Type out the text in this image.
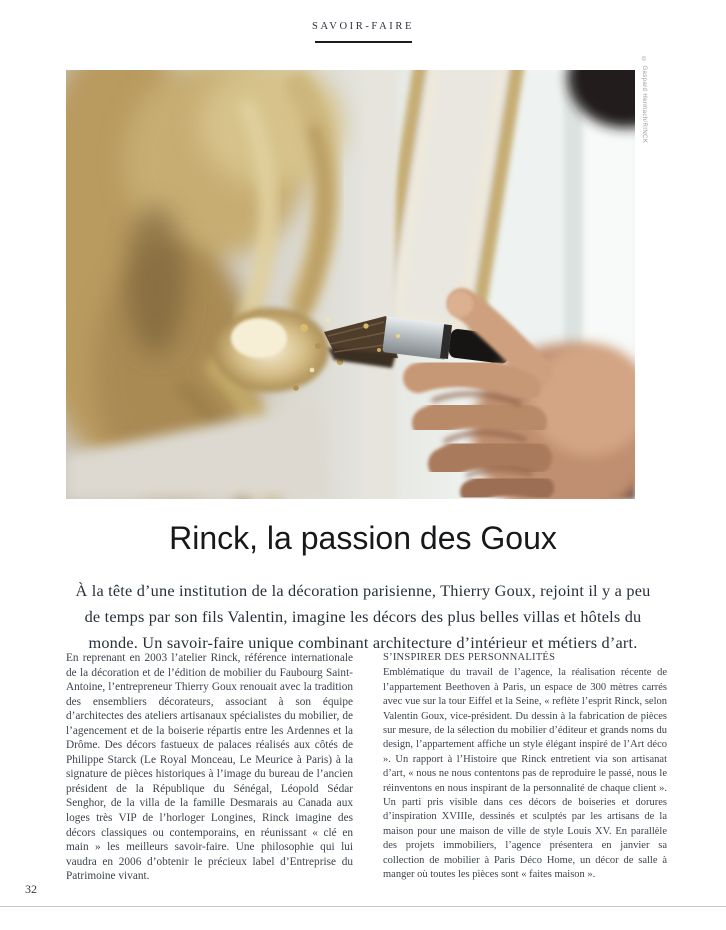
SAVOIR-FAIRE
© Gaspard Hermach/RINCK
Rinck, la passion des Goux
À la tête d’une institution de la décoration parisienne, Thierry Goux, rejoint il y a peu de temps par son fils Valentin, imagine les décors des plus belles villas et hôtels du monde. Un savoir-faire unique combinant architecture d’intérieur et métiers d’art.
En reprenant en 2003 l’atelier Rinck, référence internationale de la décoration et de l’édition de mobilier du Faubourg Saint-Antoine, l’entrepreneur Thierry Goux renouait avec la tradition des ensembliers décorateurs, associant à son équipe d’architectes des ateliers artisanaux spécialistes du mobilier, de l’agencement et de la boiserie répartis entre les Ardennes et la Drôme. Des décors fastueux de palaces réalisés aux côtés de Philippe Starck (Le Royal Monceau, Le Meurice à Paris) à la signature de pièces historiques à l’image du bureau de l’ancien président de la République du Sénégal, Léopold Sédar Senghor, de la villa de la famille Desmarais au Canada aux loges très VIP de l’horloger Longines, Rinck imagine des décors classiques ou contemporains, en réunissant « clé en main » les meilleurs savoir-faire. Une philosophie qui lui vaudra en 2006 d’obtenir le précieux label d’Entreprise du Patrimoine vivant.

S’INSPIRER DES PERSONNALITÉS

Emblématique du travail de l’agence, la réalisation récente de l’appartement Beethoven à Paris, un espace de 300 mètres carrés avec vue sur la tour Eiffel et la Seine, « reflète l’esprit Rinck, selon Valentin Goux, vice-président. Du dessin à la fabrication de pièces sur mesure, de la sélection du mobilier d’éditeur et grands noms du design, l’appartement affiche un style élégant inspiré de l’Art déco ». Un rapport à l’Histoire que Rinck entretient via son artisanat d’art, « nous ne nous contentons pas de reproduire le passé, nous le réinventons en nous inspirant de la personnalité de chaque client ». Un parti pris visible dans ces décors de boiseries et dorures d’inspiration XVIIIe, dessinés et sculptés par les artisans de la maison pour une maison de ville de style Louis XV. En parallèle des projets immobiliers, l’agence présentera en janvier sa collection de mobilier à Paris Déco Home, un décor de salle à manger où toutes les pièces sont « faites maison ».
32
